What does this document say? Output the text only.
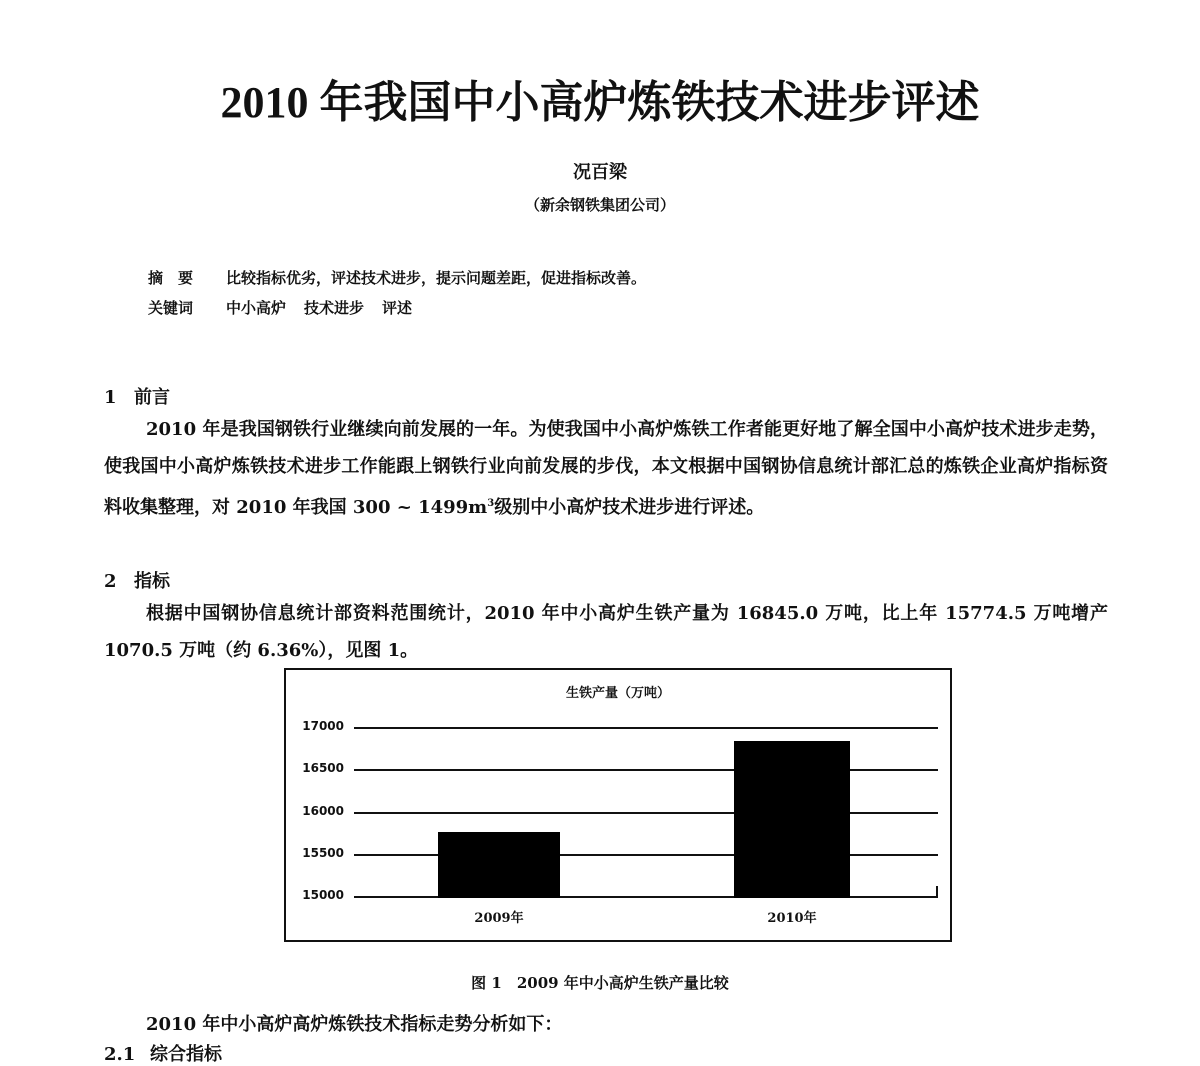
2010 年我国中小高炉炼铁技术进步评述
况百梁
（新余钢铁集团公司）
摘　要 比较指标优劣，评述技术进步，提示问题差距，促进指标改善。
关键词 中小高炉 技术进步 评述
1 前言
2010 年是我国钢铁行业继续向前发展的一年。为使我国中小高炉炼铁工作者能更好地了解全国中小高炉技术进步走势，使我国中小高炉炼铁技术进步工作能跟上钢铁行业向前发展的步伐，本文根据中国钢协信息统计部汇总的炼铁企业高炉指标资料收集整理，对 2010 年我国 300 ~ $1499m^3$级别中小高炉技术进步进行评述。
2 指标
根据中国钢协信息统计部资料范围统计，2010 年中小高炉生铁产量为 16845.0 万吨，比上年 15774.5 万吨增产 1070.5 万吨（约 6.36%），见图 1。
生铁产量（万吨）
17000
16500
16000
15500
15000
2009年	2010年
图 1　2009 年中小高炉生铁产量比较
2010 年中小高炉高炉炼铁技术指标走势分析如下：
2.1 综合指标
